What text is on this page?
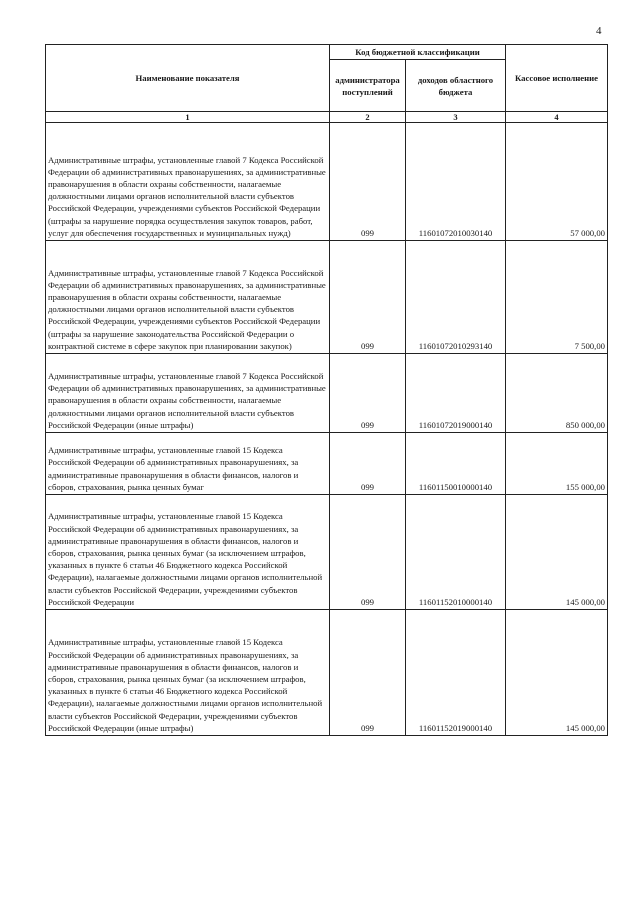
4
Наименование показателя	Код бюджетной классификации		Кассовое исполнение
	администратора поступлений	доходов областного бюджета	
1	2	3	4
Административные штрафы, установленные главой 7 Кодекса Российской Федерации об административных правонарушениях, за административные правонарушения в области охраны собственности, налагаемые должностными лицами органов исполнительной власти субъектов Российской Федерации, учреждениями субъектов Российской Федерации (штрафы за нарушение порядка осуществления закупок товаров, работ, услуг для обеспечения государственных и муниципальных нужд)	099	11601072010030140	57 000,00
Административные штрафы, установленные главой 7 Кодекса Российской Федерации об административных правонарушениях, за административные правонарушения в области охраны собственности, налагаемые должностными лицами органов исполнительной власти субъектов Российской Федерации, учреждениями субъектов Российской Федерации (штрафы за нарушение законодательства Российской Федерации о контрактной системе в сфере закупок при планировании закупок)	099	11601072010293140	7 500,00
Административные штрафы, установленные главой 7 Кодекса Российской Федерации об административных правонарушениях, за административные правонарушения в области охраны собственности, налагаемые должностными лицами органов исполнительной власти субъектов Российской Федерации (иные штрафы)	099	11601072019000140	850 000,00
Административные штрафы, установленные главой 15 Кодекса Российской Федерации об административных правонарушениях, за административные правонарушения в области финансов, налогов и сборов, страхования, рынка ценных бумаг	099	11601150010000140	155 000,00
Административные штрафы, установленные главой 15 Кодекса Российской Федерации об административных правонарушениях, за административные правонарушения в области финансов, налогов и сборов, страхования, рынка ценных бумаг (за исключением штрафов, указанных в пункте 6 статьи 46 Бюджетного кодекса Российской Федерации), налагаемые должностными лицами органов исполнительной власти субъектов Российской Федерации, учреждениями субъектов Российской Федерации	099	11601152010000140	145 000,00
Административные штрафы, установленные главой 15 Кодекса Российской Федерации об административных правонарушениях, за административные правонарушения в области финансов, налогов и сборов, страхования, рынка ценных бумаг (за исключением штрафов, указанных в пункте 6 статьи 46 Бюджетного кодекса Российской Федерации), налагаемые должностными лицами органов исполнительной власти субъектов Российской Федерации, учреждениями субъектов Российской Федерации (иные штрафы)	099	11601152019000140	145 000,00
